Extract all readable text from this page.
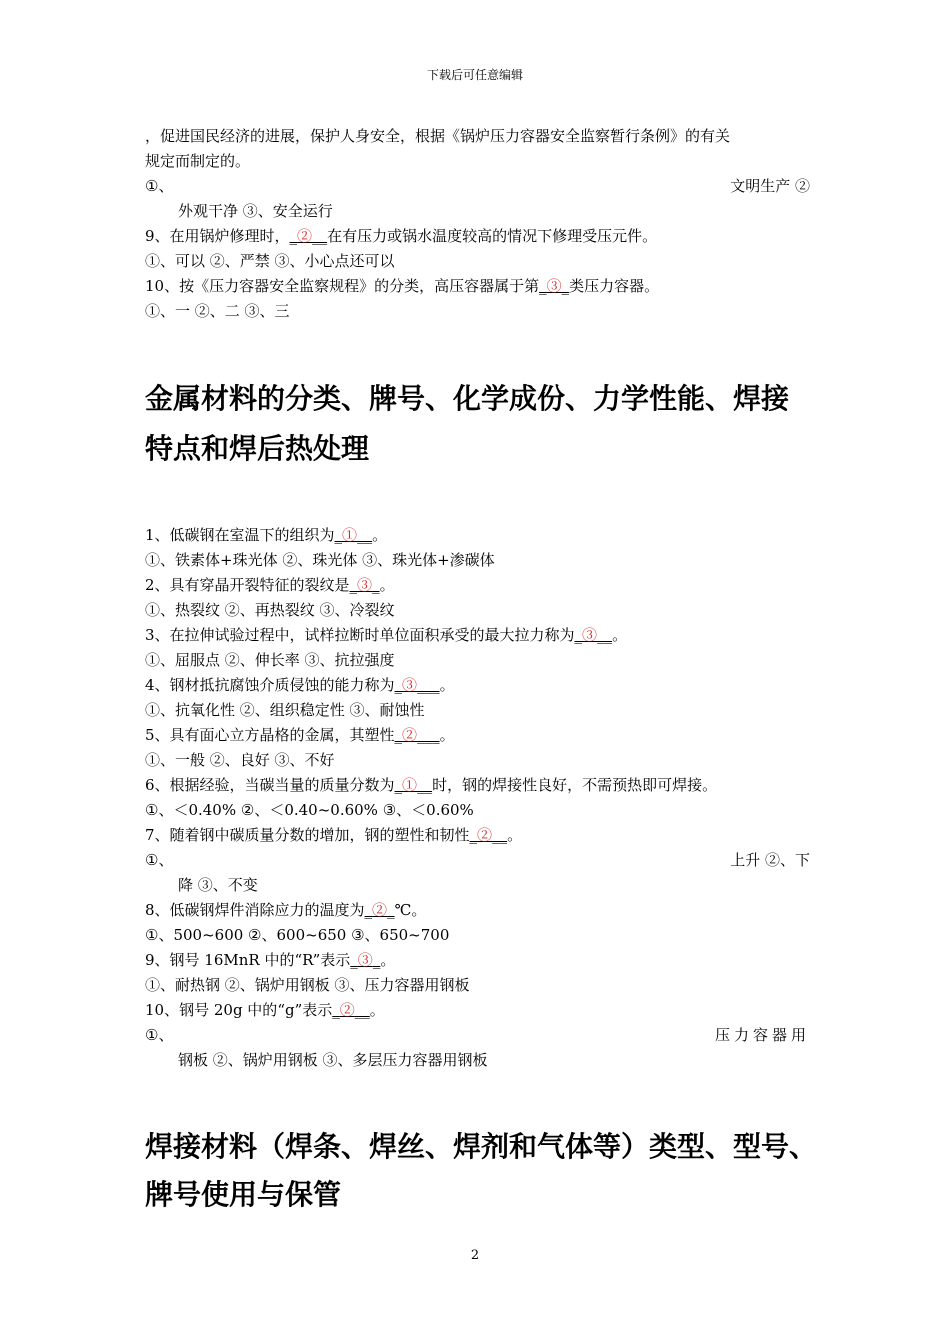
下载后可任意编辑
，促进国民经济的进展，保护人身安全，根据《锅炉压力容器安全监察暂行条例》的有关
规定而制定的。
①、	文明生产 ②
外观干净 ③、安全运行
9、在用锅炉修理时，_②__在有压力或锅水温度较高的情况下修理受压元件。
①、可以 ②、严禁 ③、小心点还可以
10、按《压力容器安全监察规程》的分类，高压容器属于第_③_类压力容器。
①、一 ②、二 ③、三
金属材料的分类、牌号、化学成份、力学性能、焊接
特点和焊后热处理
1、低碳钢在室温下的组织为_①__。
①、铁素体+珠光体 ②、珠光体 ③、珠光体+渗碳体
2、具有穿晶开裂特征的裂纹是_③_。
①、热裂纹 ②、再热裂纹 ③、冷裂纹
3、在拉伸试验过程中，试样拉断时单位面积承受的最大拉力称为_③__。
①、屈服点 ②、伸长率 ③、抗拉强度
4、钢材抵抗腐蚀介质侵蚀的能力称为_③___。
①、抗氧化性 ②、组织稳定性 ③、耐蚀性
5、具有面心立方晶格的金属，其塑性_②___。
①、一般 ②、良好 ③、不好
6、根据经验，当碳当量的质量分数为_①__时，钢的焊接性良好，不需预热即可焊接。
①、＜0.40% ②、＜0.40~0.60% ③、＜0.60%
7、随着钢中碳质量分数的增加，钢的塑性和韧性_②__。
①、	上升 ②、下
降 ③、不变
8、低碳钢焊件消除应力的温度为_②_℃。
①、500~600 ②、600~650 ③、650~700
9、钢号 16MnR 中的“R”表示_③_。
①、耐热钢 ②、锅炉用钢板 ③、压力容器用钢板
10、钢号 20g 中的“g”表示_②__。
①、	压力容器用
钢板 ②、锅炉用钢板 ③、多层压力容器用钢板
焊接材料（焊条、焊丝、焊剂和气体等）类型、型号、
牌号使用与保管
2
